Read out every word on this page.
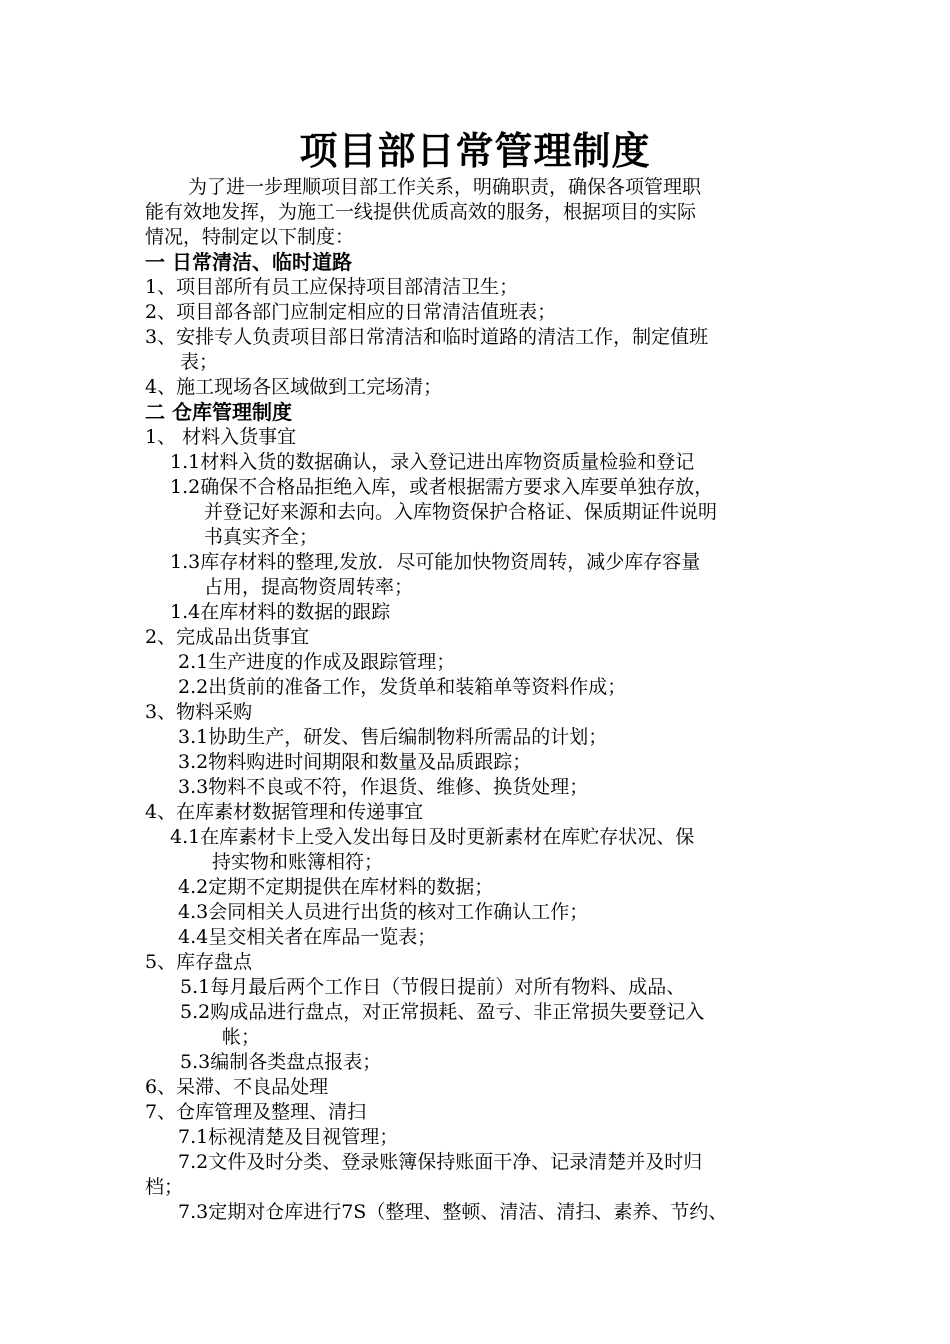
项目部日常管理制度
为了进一步理顺项目部工作关系，明确职责，确保各项管理职
能有效地发挥，为施工一线提供优质高效的服务，根据项目的实际
情况，特制定以下制度：
一 日常清洁、临时道路
1、项目部所有员工应保持项目部清洁卫生；
2、项目部各部门应制定相应的日常清洁值班表；
3、安排专人负责项目部日常清洁和临时道路的清洁工作，制定值班
表；
4、施工现场各区域做到工完场清；
二 仓库管理制度
1、 材料入货事宜
1.1材料入货的数据确认，录入登记进出库物资质量检验和登记
1.2确保不合格品拒绝入库，或者根据需方要求入库要单独存放，
并登记好来源和去向。入库物资保护合格证、保质期证件说明
书真实齐全；
1.3库存材料的整理,发放．尽可能加快物资周转，减少库存容量
占用，提高物资周转率；
1.4在库材料的数据的跟踪
2、完成品出货事宜
2.1生产进度的作成及跟踪管理；
2.2出货前的准备工作，发货单和装箱单等资料作成；
3、物料采购
3.1协助生产，研发、售后编制物料所需品的计划；
3.2物料购进时间期限和数量及品质跟踪；
3.3物料不良或不符，作退货、维修、换货处理；
4、在库素材数据管理和传递事宜
4.1在库素材卡上受入发出每日及时更新素材在库贮存状况、保
持实物和账簿相符；
4.2定期不定期提供在库材料的数据；
4.3会同相关人员进行出货的核对工作确认工作；
4.4呈交相关者在库品一览表；
5、库存盘点
5.1每月最后两个工作日（节假日提前）对所有物料、成品、
5.2购成品进行盘点，对正常损耗、盈亏、非正常损失要登记入
帐；
5.3编制各类盘点报表；
6、呆滞、不良品处理
7、仓库管理及整理、清扫
7.1标视清楚及目视管理；
7.2文件及时分类、登录账簿保持账面干净、记录清楚并及时归
档；
7.3定期对仓库进行7S（整理、整顿、清洁、清扫、素养、节约、
